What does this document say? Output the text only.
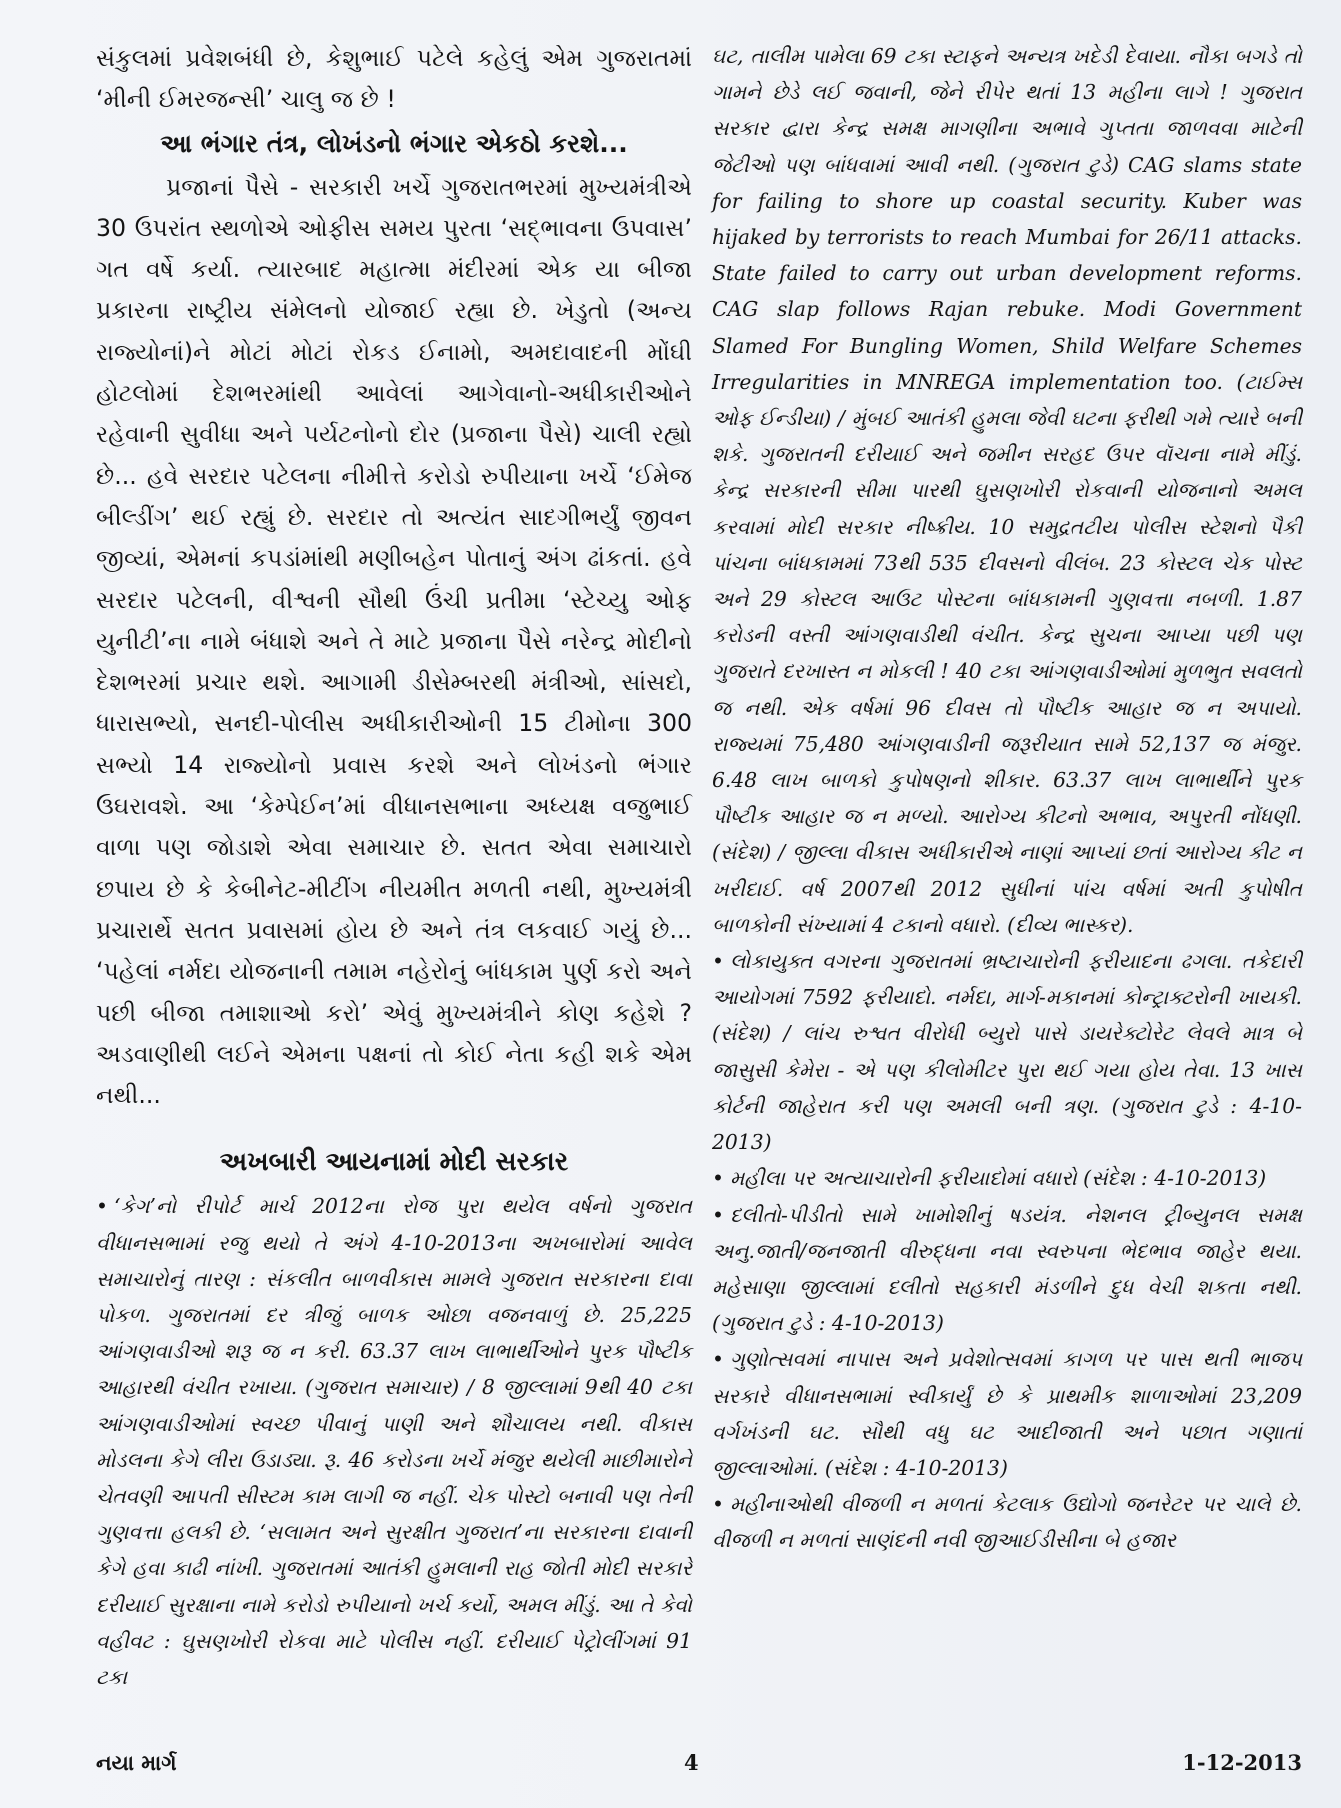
સંકુલમાં પ્રવેશબંધી છે, કેશુભાઈ પટેલે કહેલું એમ ગુજરાતમાં ‘મીની ઈમરજન્સી’ ચાલુ જ છે !

આ ભંગાર તંત્ર, લોખંડનો ભંગાર એકઠો કરશે...

પ્રજાનાં પૈસે - સરકારી ખર્ચે ગુજરાતભરમાં મુખ્યમંત્રીએ 30 ઉપરાંત સ્થળોએ ઓફીસ સમય પુરતા ‘સદ્ભાવના ઉપવાસ’ ગત વર્ષે કર્યા. ત્યારબાદ મહાત્મા મંદીરમાં એક યા બીજા પ્રકારના રાષ્ટ્રીય સંમેલનો યોજાઈ રહ્યા છે. ખેડુતો (અન્ય રાજ્યોનાં)ને મોટાં મોટાં રોકડ ઈનામો, અમદાવાદની મોંઘી હોટલોમાં દેશભરમાંથી આવેલાં આગેવાનો-અધીકારીઓને રહેવાની સુવીધા અને પર્યટનોનો દોર (પ્રજાના પૈસે) ચાલી રહ્યો છે... હવે સરદાર પટેલના નીમીત્તે કરોડો રુપીયાના ખર્ચે ‘ઈમેજ બીલ્ડીંગ’ થઈ રહ્યું છે. સરદાર તો અત્યંત સાદગીભર્યું જીવન જીવ્યાં, એમનાં કપડાંમાંથી મણીબહેન પોતાનું અંગ ઢાંકતાં. હવે સરદાર પટેલની, વીશ્વની સૌથી ઉંચી પ્રતીમા ‘સ્ટેચ્યુ ઓફ યુનીટી’ના નામે બંધાશે અને તે માટે પ્રજાના પૈસે નરેન્દ્ર મોદીનો દેશભરમાં પ્રચાર થશે. આગામી ડીસેમ્બરથી મંત્રીઓ, સાંસદો, ધારાસભ્યો, સનદી-પોલીસ અધીકારીઓની 15 ટીમોના 300 સભ્યો 14 રાજ્યોનો પ્રવાસ કરશે અને લોખંડનો ભંગાર ઉઘરાવશે. આ ‘કેમ્પેઈન’માં વીધાનસભાના અધ્યક્ષ વજુભાઈ વાળા પણ જોડાશે એવા સમાચાર છે. સતત એવા સમાચારો છપાય છે કે કેબીનેટ-મીટીંગ નીયમીત મળતી નથી, મુખ્યમંત્રી પ્રચારાર્થે સતત પ્રવાસમાં હોય છે અને તંત્ર લકવાઈ ગયું છે... ‘પહેલાં નર્મદા યોજનાની તમામ નહેરોનું બાંધકામ પુર્ણ કરો અને પછી બીજા તમાશાઓ કરો’ એવું મુખ્યમંત્રીને કોણ કહેશે ? અડવાણીથી લઈને એમના પક્ષનાં તો કોઈ નેતા કહી શકે એમ નથી...

અખબારી આયનામાં મોદી સરકાર

• ‘કેગ’નો રીપોર્ટ માર્ચ 2012ના રોજ પુરા થયેલ વર્ષનો ગુજરાત વીધાનસભામાં રજુ થયો તે અંગે 4-10-2013ના અખબારોમાં આવેલ સમાચારોનું તારણ : સંકલીત બાળવીકાસ મામલે ગુજરાત સરકારના દાવા પોકળ. ગુજરાતમાં દર ત્રીજું બાળક ઓછા વજનવાળું છે. 25,225 આંગણવાડીઓ શરૂ જ ન કરી. 63.37 લાખ લાભાર્થીઓને પુરક પૌષ્ટીક આહારથી વંચીત રખાયા. (ગુજરાત સમાચાર) / 8 જીલ્લામાં 9થી 40 ટકા આંગણવાડીઓમાં સ્વચ્છ પીવાનું પાણી અને શૌચાલય નથી. વીકાસ મોડલના કેગે લીરા ઉડાડ્યા. રૂ. 46 કરોડના ખર્ચે મંજુર થયેલી માછીમારોને ચેતવણી આપતી સીસ્ટમ કામ લાગી જ નહીં. ચેક પોસ્ટો બનાવી પણ તેની ગુણવત્તા હલકી છે. ‘સલામત અને સુરક્ષીત ગુજરાત’ના સરકારના દાવાની કેગે હવા કાઢી નાંખી. ગુજરાતમાં આતંકી હુમલાની રાહ જોતી મોદી સરકારે દરીયાઈ સુરક્ષાના નામે કરોડો રુપીયાનો ખર્ચ કર્યો, અમલ મીંડું. આ તે કેવો વહીવટ : ઘુસણખોરી રોકવા માટે પોલીસ નહીં. દરીયાઈ પેટ્રોલીંગમાં 91 ટકા

ઘટ, તાલીમ પામેલા 69 ટકા સ્ટાફને અન્યત્ર ખદેડી દેવાયા. નૌકા બગડે તો ગામને છેડે લઈ જવાની, જેને રીપેર થતાં 13 મહીના લાગે ! ગુજરાત સરકાર દ્વારા કેન્દ્ર સમક્ષ માગણીના અભાવે ગુપ્તતા જાળવવા માટેની જેટીઓ પણ બાંધવામાં આવી નથી. (ગુજરાત ટુડે) CAG slams state for failing to shore up coastal security. Kuber was hijaked by terrorists to reach Mumbai for 26/11 attacks. State failed to carry out urban development reforms. CAG slap follows Rajan rebuke. Modi Government Slamed For Bungling Women, Shild Welfare Schemes Irregularities in MNREGA implementation too. (ટાઈમ્સ ઓફ ઈન્ડીયા) / મુંબઈ આતંકી હુમલા જેવી ઘટના ફરીથી ગમે ત્યારે બની શકે. ગુજરાતની દરીયાઈ અને જમીન સરહદ ઉપર વૉચના નામે મીંડું. કેન્દ્ર સરકારની સીમા પારથી ઘુસણખોરી રોકવાની યોજનાનો અમલ કરવામાં મોદી સરકાર નીષ્ક્રીય. 10 સમુદ્રતટીય પોલીસ સ્ટેશનો પૈકી પાંચના બાંધકામમાં 73થી 535 દીવસનો વીલંબ. 23 કોસ્ટલ ચેક પોસ્ટ અને 29 કોસ્ટલ આઉટ પોસ્ટના બાંધકામની ગુણવત્તા નબળી. 1.87 કરોડની વસ્તી આંગણવાડીથી વંચીત. કેન્દ્ર સુચના આપ્યા પછી પણ ગુજરાતે દરખાસ્ત ન મોકલી ! 40 ટકા આંગણવાડીઓમાં મુળભુત સવલતો જ નથી. એક વર્ષમાં 96 દીવસ તો પૌષ્ટીક આહાર જ ન અપાયો. રાજ્યમાં 75,480 આંગણવાડીની જરૂરીયાત સામે 52,137 જ મંજુર. 6.48 લાખ બાળકો કુપોષણનો શીકાર. 63.37 લાખ લાભાર્થીને પુરક પૌષ્ટીક આહાર જ ન મળ્યો. આરોગ્ય કીટનો અભાવ, અપુરતી નોંધણી. (સંદેશ) / જીલ્લા વીકાસ અધીકારીએ નાણાં આપ્યાં છતાં આરોગ્ય કીટ ન ખરીદાઈ. વર્ષ 2007થી 2012 સુધીનાં પાંચ વર્ષમાં અતી કુપોષીત બાળકોની સંખ્યામાં 4 ટકાનો વધારો. (દીવ્ય ભાસ્કર).

• લોકાયુક્ત વગરના ગુજરાતમાં ભ્રષ્ટાચારોની ફરીયાદના ઢગલા. તકેદારી આયોગમાં 7592 ફરીયાદો. નર્મદા, માર્ગ-મકાનમાં કોન્ટ્રાક્ટરોની ખાયકી. (સંદેશ) / લાંચ રુશ્વત વીરોધી બ્યુરો પાસે ડાયરેક્ટોરેટ લેવલે માત્ર બે જાસુસી કેમેરા - એ પણ કીલોમીટર પુરા થઈ ગયા હોય તેવા. 13 ખાસ કોર્ટની જાહેરાત કરી પણ અમલી બની ત્રણ. (ગુજરાત ટુડે : 4-10- 2013)

• મહીલા પર અત્યાચારોની ફરીયાદોમાં વધારો (સંદેશ : 4-10-2013)

• દલીતો-પીડીતો સામે ખામોશીનું ષડયંત્ર. નેશનલ ટ્રીબ્યુનલ સમક્ષ અનુ.જાતી/જનજાતી વીરુદ્ધના નવા સ્વરુપના ભેદભાવ જાહેર થયા. મહેસાણા જીલ્લામાં દલીતો સહકારી મંડળીને દુધ વેચી શકતા નથી. (ગુજરાત ટુડે : 4-10-2013)

• ગુણોત્સવમાં નાપાસ અને પ્રવેશોત્સવમાં કાગળ પર પાસ થતી ભાજપ સરકારે વીધાનસભામાં સ્વીકાર્યું છે કે પ્રાથમીક શાળાઓમાં 23,209 વર્ગખંડની ઘટ. સૌથી વધુ ઘટ આદીજાતી અને પછાત ગણાતાં જીલ્લાઓમાં. (સંદેશ : 4-10-2013)

• મહીનાઓથી વીજળી ન મળતાં કેટલાક ઉદ્યોગો જનરેટર પર ચાલે છે. વીજળી ન મળતાં સાણંદની નવી જીઆઈડીસીના બે હજાર

નયા માર્ગ	4	1-12-2013
